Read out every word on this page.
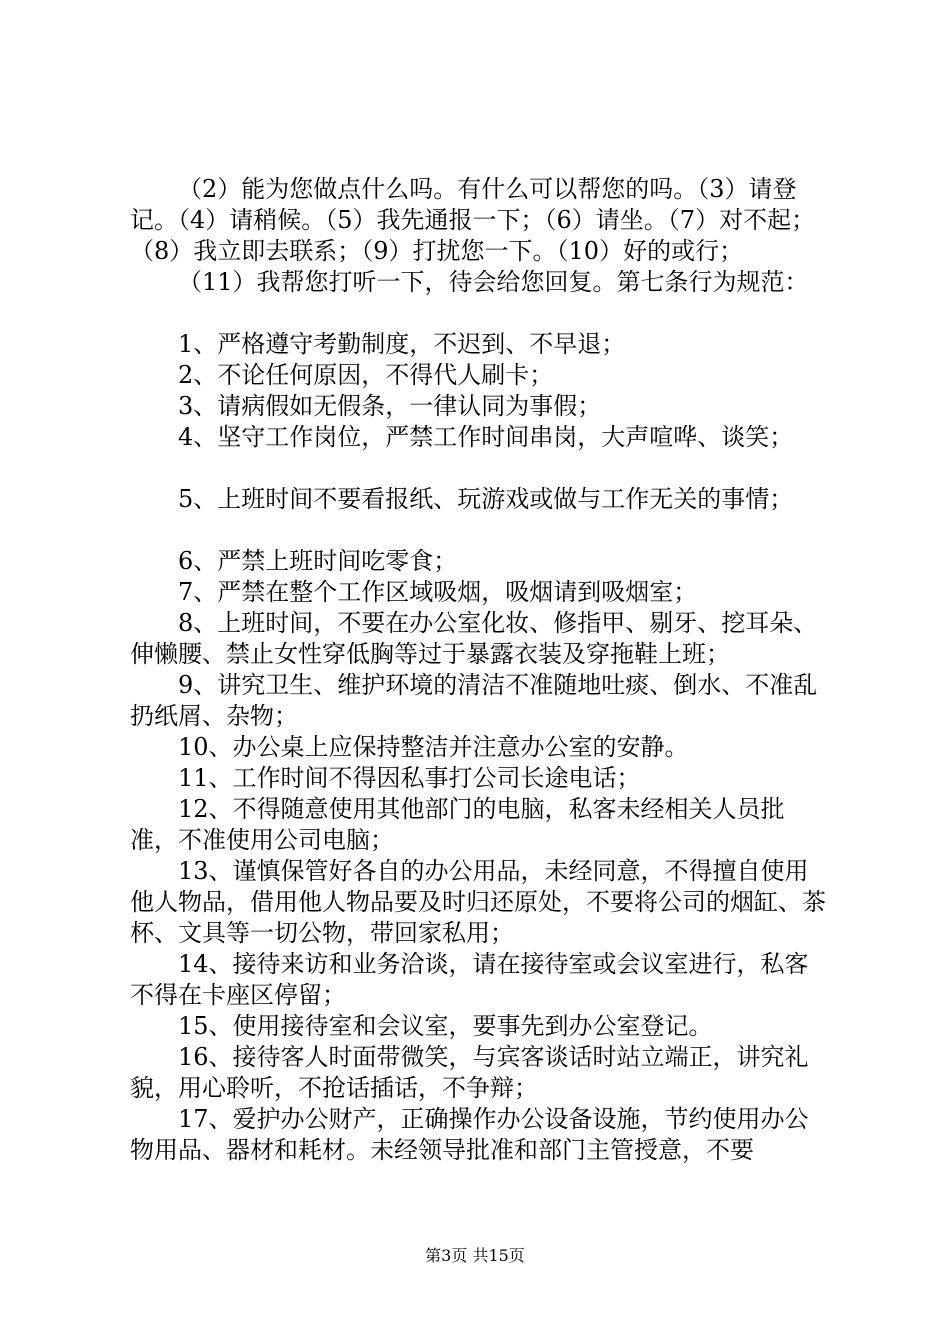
（2）能为您做点什么吗。有什么可以帮您的吗。（3）请登记。（4）请稍候。（5）我先通报一下；（6）请坐。（7）对不起；（8）我立即去联系；（9）打扰您一下。（10）好的或行；

（11）我帮您打听一下，待会给您回复。第七条行为规范：

1、严格遵守考勤制度，不迟到、不早退；

2、不论任何原因，不得代人刷卡；

3、请病假如无假条，一律认同为事假；

4、坚守工作岗位，严禁工作时间串岗，大声喧哗、谈笑；

5、上班时间不要看报纸、玩游戏或做与工作无关的事情；

6、严禁上班时间吃零食；

7、严禁在整个工作区域吸烟，吸烟请到吸烟室；

8、上班时间，不要在办公室化妆、修指甲、剔牙、挖耳朵、伸懒腰、禁止女性穿低胸等过于暴露衣装及穿拖鞋上班；

9、讲究卫生、维护环境的清洁不准随地吐痰、倒水、不准乱扔纸屑、杂物；

10、办公桌上应保持整洁并注意办公室的安静。

11、工作时间不得因私事打公司长途电话；

12、不得随意使用其他部门的电脑，私客未经相关人员批准，不准使用公司电脑；

13、谨慎保管好各自的办公用品，未经同意，不得擅自使用他人物品，借用他人物品要及时归还原处，不要将公司的烟缸、茶杯、文具等一切公物，带回家私用；

14、接待来访和业务洽谈，请在接待室或会议室进行，私客不得在卡座区停留；

15、使用接待室和会议室，要事先到办公室登记。

16、接待客人时面带微笑，与宾客谈话时站立端正，讲究礼貌，用心聆听，不抢话插话，不争辩；

17、爱护办公财产，正确操作办公设备设施，节约使用办公物用品、器材和耗材。未经领导批准和部门主管授意，不要

第3页 共15页
